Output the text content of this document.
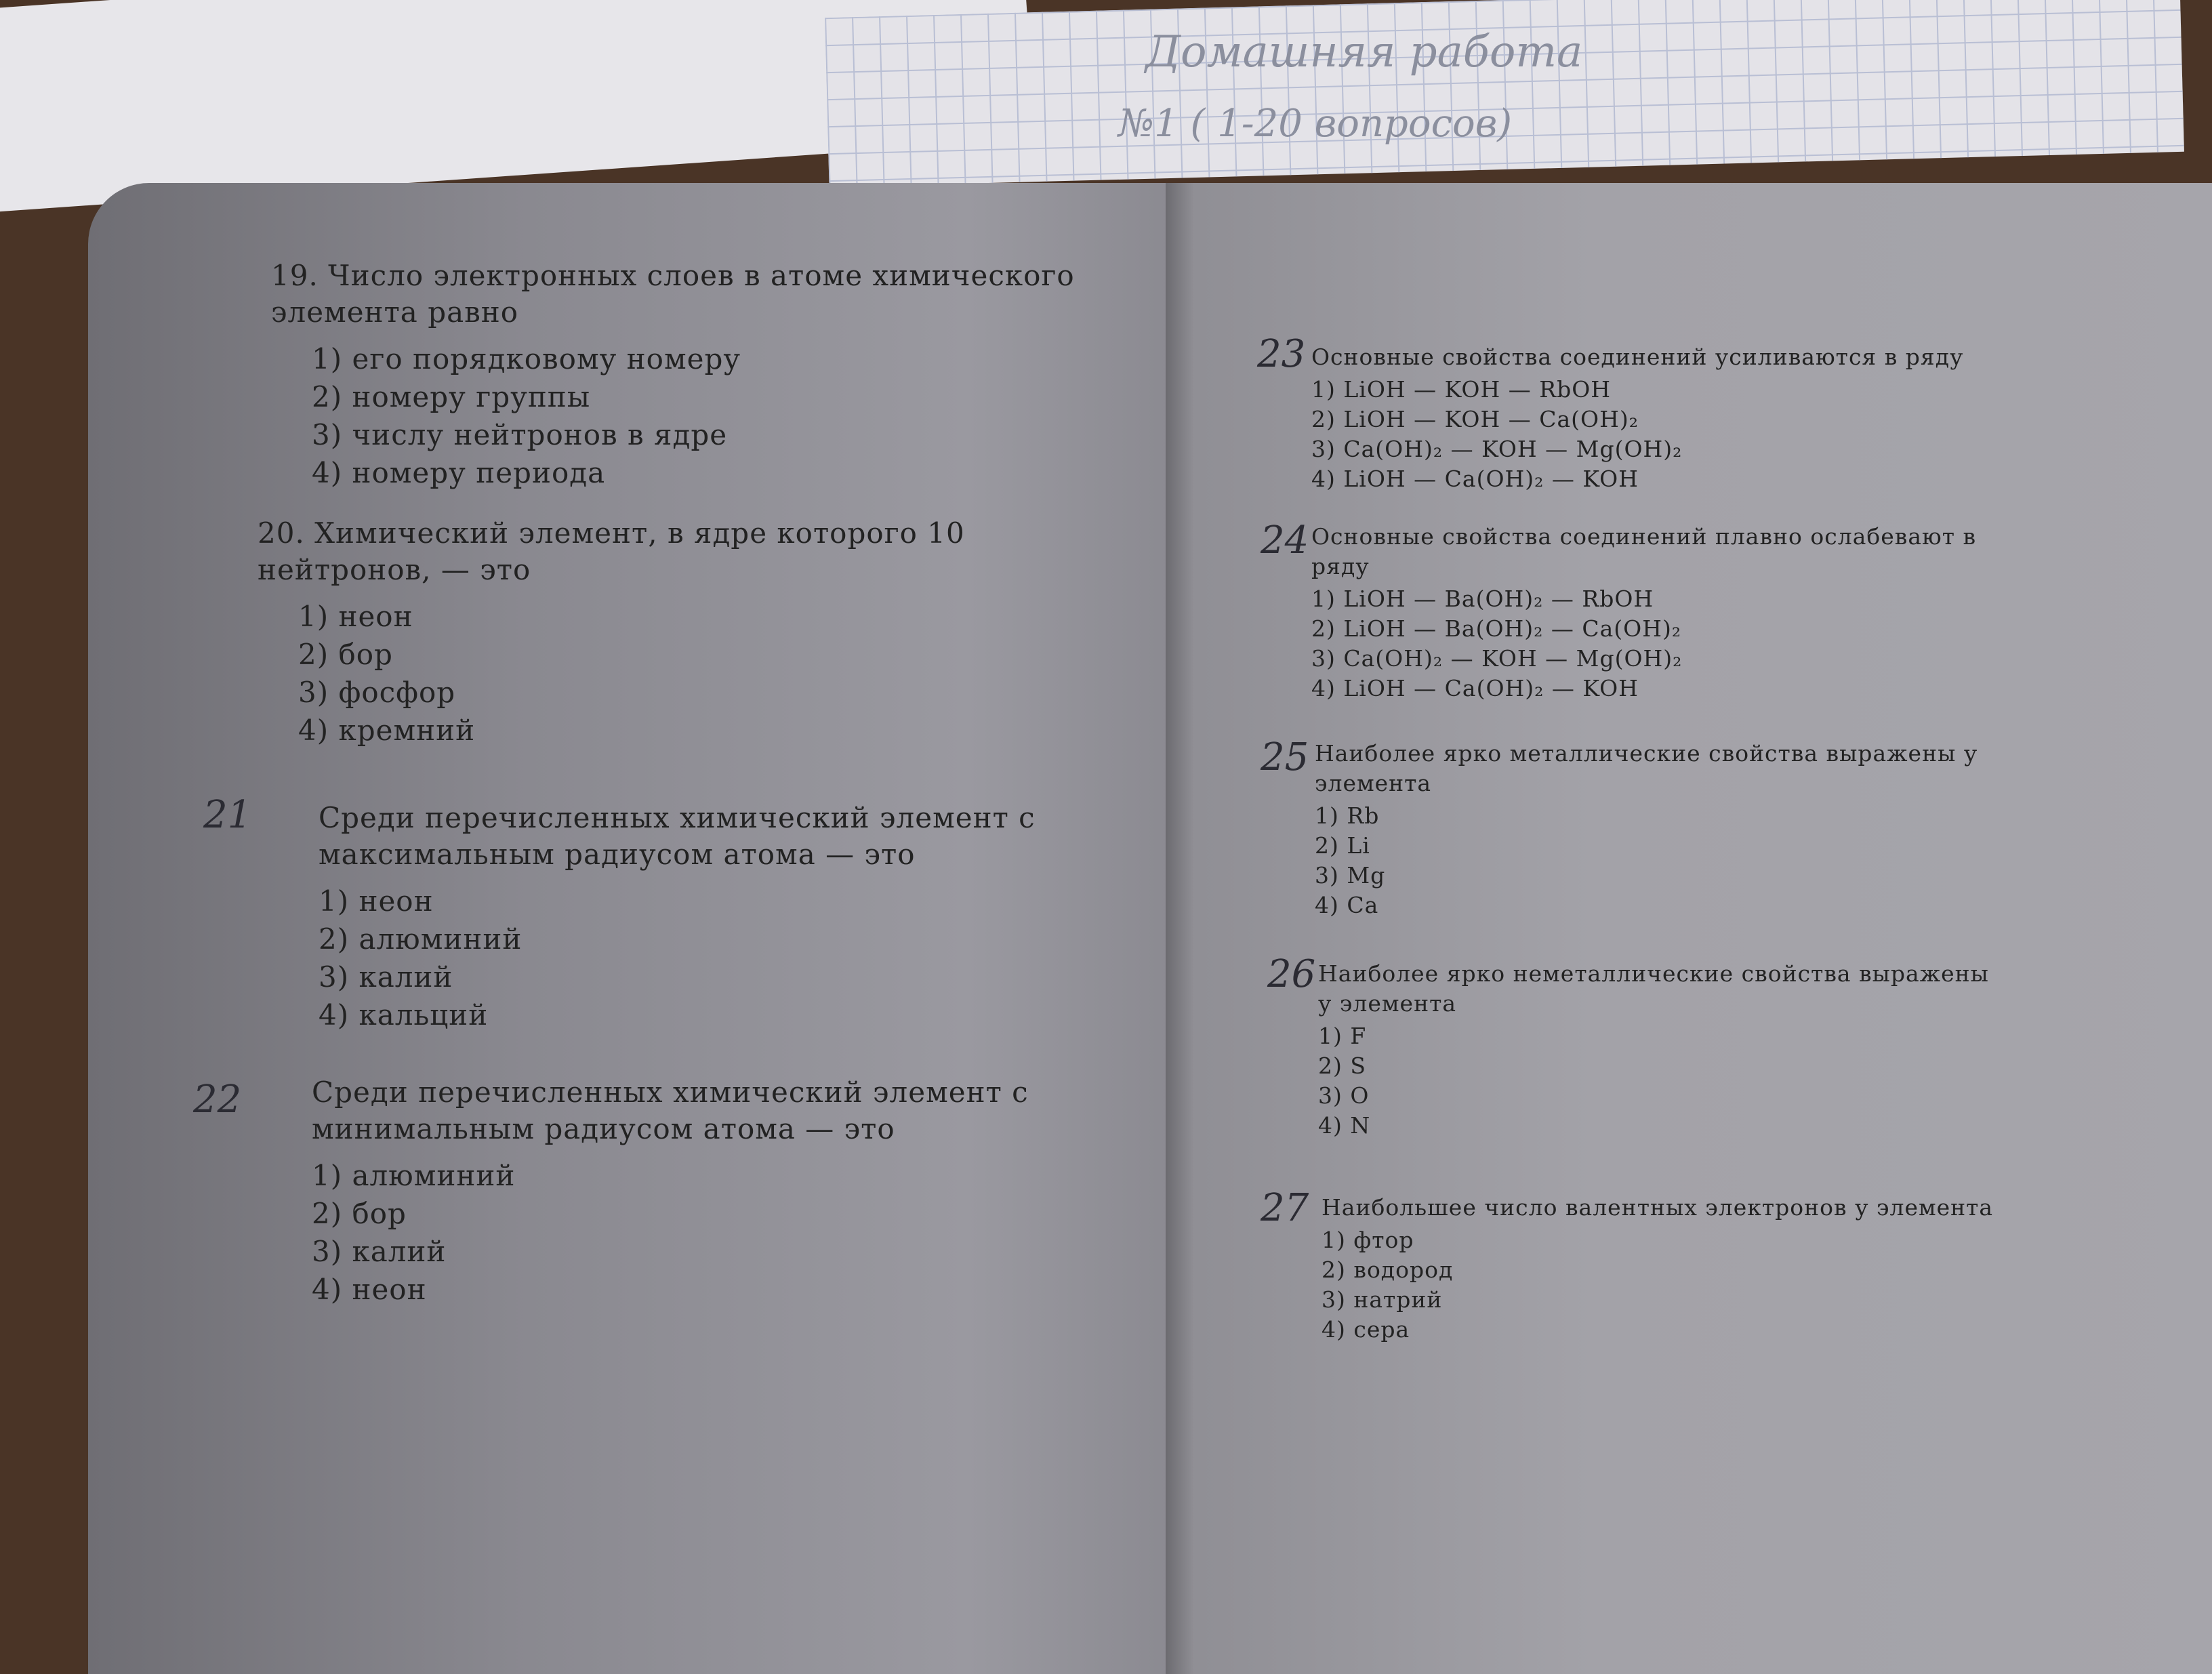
Домашняя работа
№1 ( 1-20 вопросов)
19. Число электронных слоев в атоме химического элемента равно
1) его порядковому номеру
2) номеру группы
3) числу нейтронов в ядре
4) номеру периода
20. Химический элемент, в ядре которого 10 нейтронов, — это
1) неон
2) бор
3) фосфор
4) кремний
21 Среди перечисленных химический элемент с максимальным радиусом атома — это
1) неон
2) алюминий
3) калий
4) кальций
22 Среди перечисленных химический элемент с минимальным радиусом атома — это
1) алюминий
2) бор
3) калий
4) неон
23 Основные свойства соединений усиливаются в ряду
1) LiOH — KOH — RbOH
2) LiOH — KOH — Ca(OH)₂
3) Ca(OH)₂ — KOH — Mg(OH)₂
4) LiOH — Ca(OH)₂ — KOH
24 Основные свойства соединений плавно ослабевают в ряду
1) LiOH — Ba(OH)₂ — RbOH
2) LiOH — Ba(OH)₂ — Ca(OH)₂
3) Ca(OH)₂ — KOH — Mg(OH)₂
4) LiOH — Ca(OH)₂ — KOH
25 Наиболее ярко металлические свойства выражены у элемента
1) Rb
2) Li
3) Mg
4) Ca
26 Наиболее ярко неметаллические свойства выражены у элемента
1) F
2) S
3) O
4) N
27 Наибольшее число валентных электронов у элемента
1) фтор
2) водород
3) натрий
4) сера
